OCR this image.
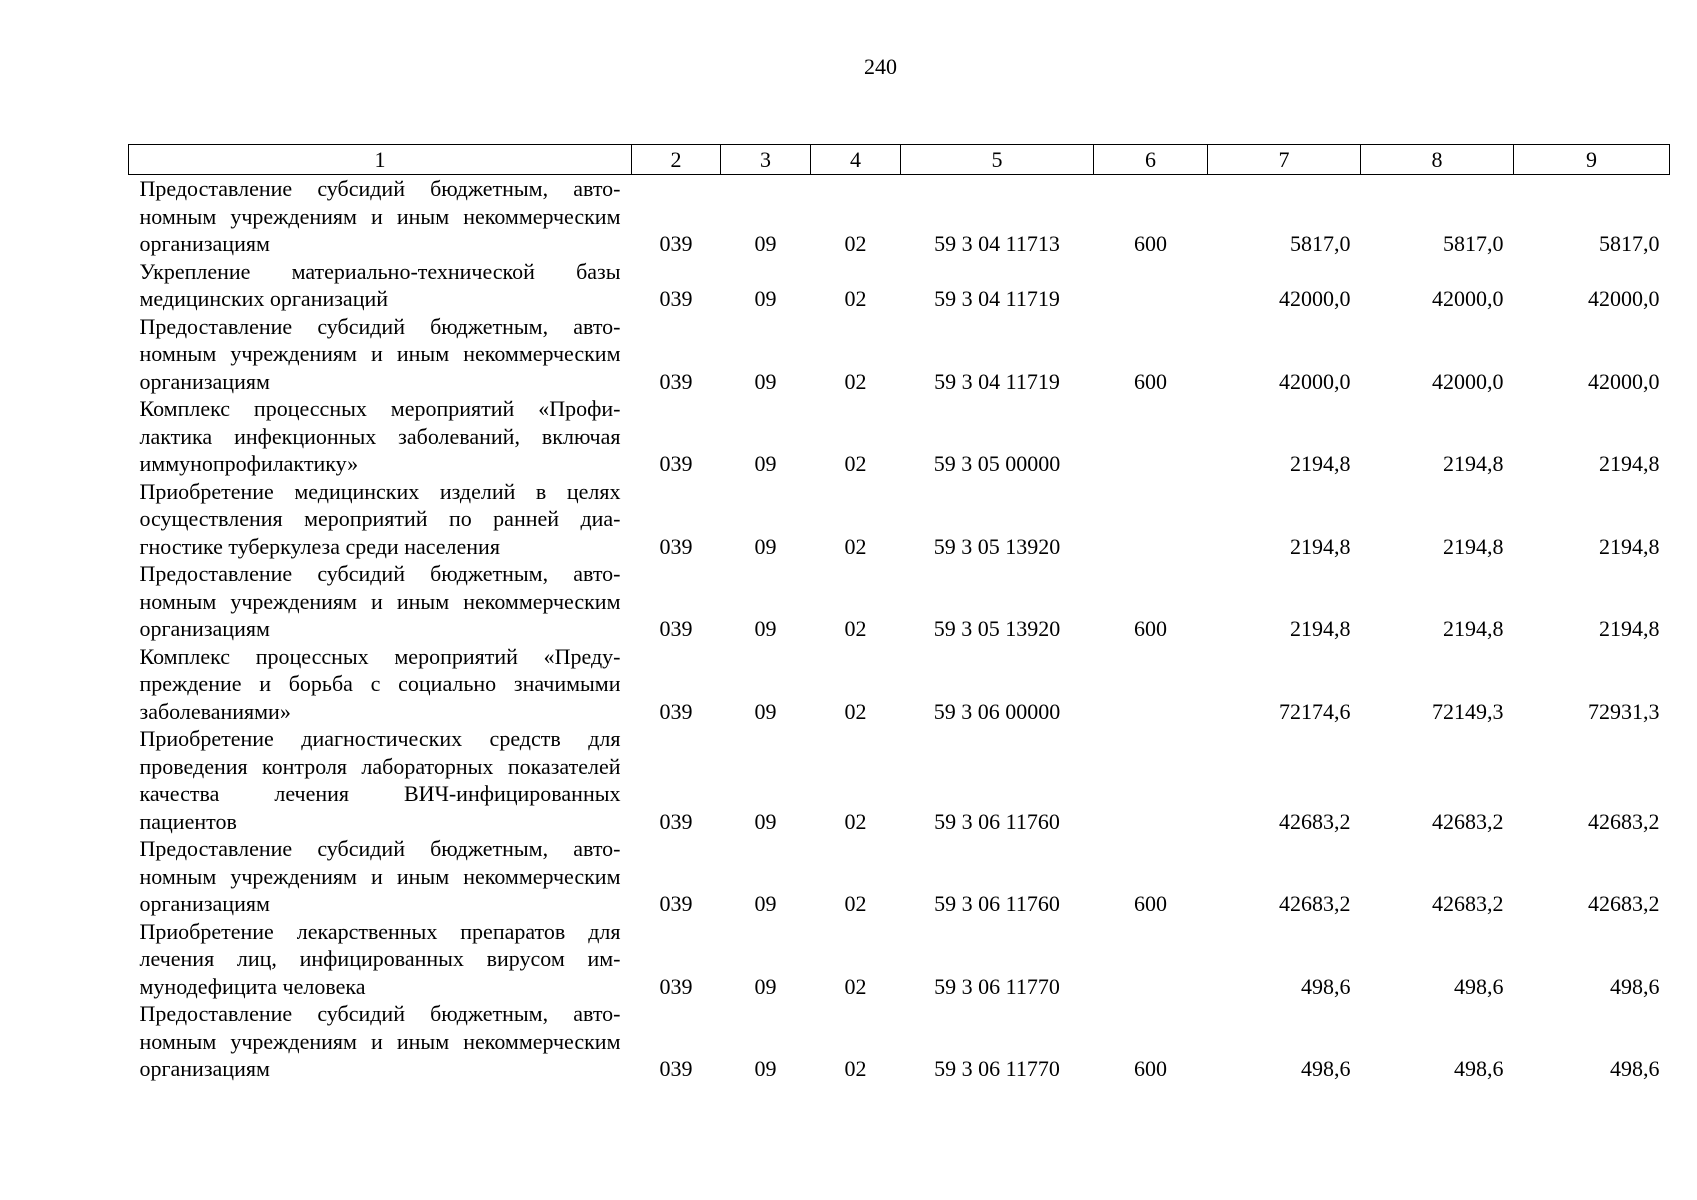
240
1	2	3	4	5	6	7	8	9
Предоставление субсидий бюджетным, автономным учреждениям и иным некоммерческим организациям	039	09	02	59 3 04 11713	600	5817,0	5817,0	5817,0
Укрепление материально-технической базы медицинских организаций	039	09	02	59 3 04 11719		42000,0	42000,0	42000,0
Предоставление субсидий бюджетным, автономным учреждениям и иным некоммерческим организациям	039	09	02	59 3 04 11719	600	42000,0	42000,0	42000,0
Комплекс процессных мероприятий «Профилактика инфекционных заболеваний, включая иммунопрофилактику»	039	09	02	59 3 05 00000		2194,8	2194,8	2194,8
Приобретение медицинских изделий в целях осуществления мероприятий по ранней диагностике туберкулеза среди населения	039	09	02	59 3 05 13920		2194,8	2194,8	2194,8
Предоставление субсидий бюджетным, автономным учреждениям и иным некоммерческим организациям	039	09	02	59 3 05 13920	600	2194,8	2194,8	2194,8
Комплекс процессных мероприятий «Предупреждение и борьба с социально значимыми заболеваниями»	039	09	02	59 3 06 00000		72174,6	72149,3	72931,3
Приобретение диагностических средств для проведения контроля лабораторных показателей качества лечения ВИЧ-инфицированных пациентов	039	09	02	59 3 06 11760		42683,2	42683,2	42683,2
Предоставление субсидий бюджетным, автономным учреждениям и иным некоммерческим организациям	039	09	02	59 3 06 11760	600	42683,2	42683,2	42683,2
Приобретение лекарственных препаратов для лечения лиц, инфицированных вирусом иммунодефицита человека	039	09	02	59 3 06 11770		498,6	498,6	498,6
Предоставление субсидий бюджетным, автономным учреждениям и иным некоммерческим организациям	039	09	02	59 3 06 11770	600	498,6	498,6	498,6
